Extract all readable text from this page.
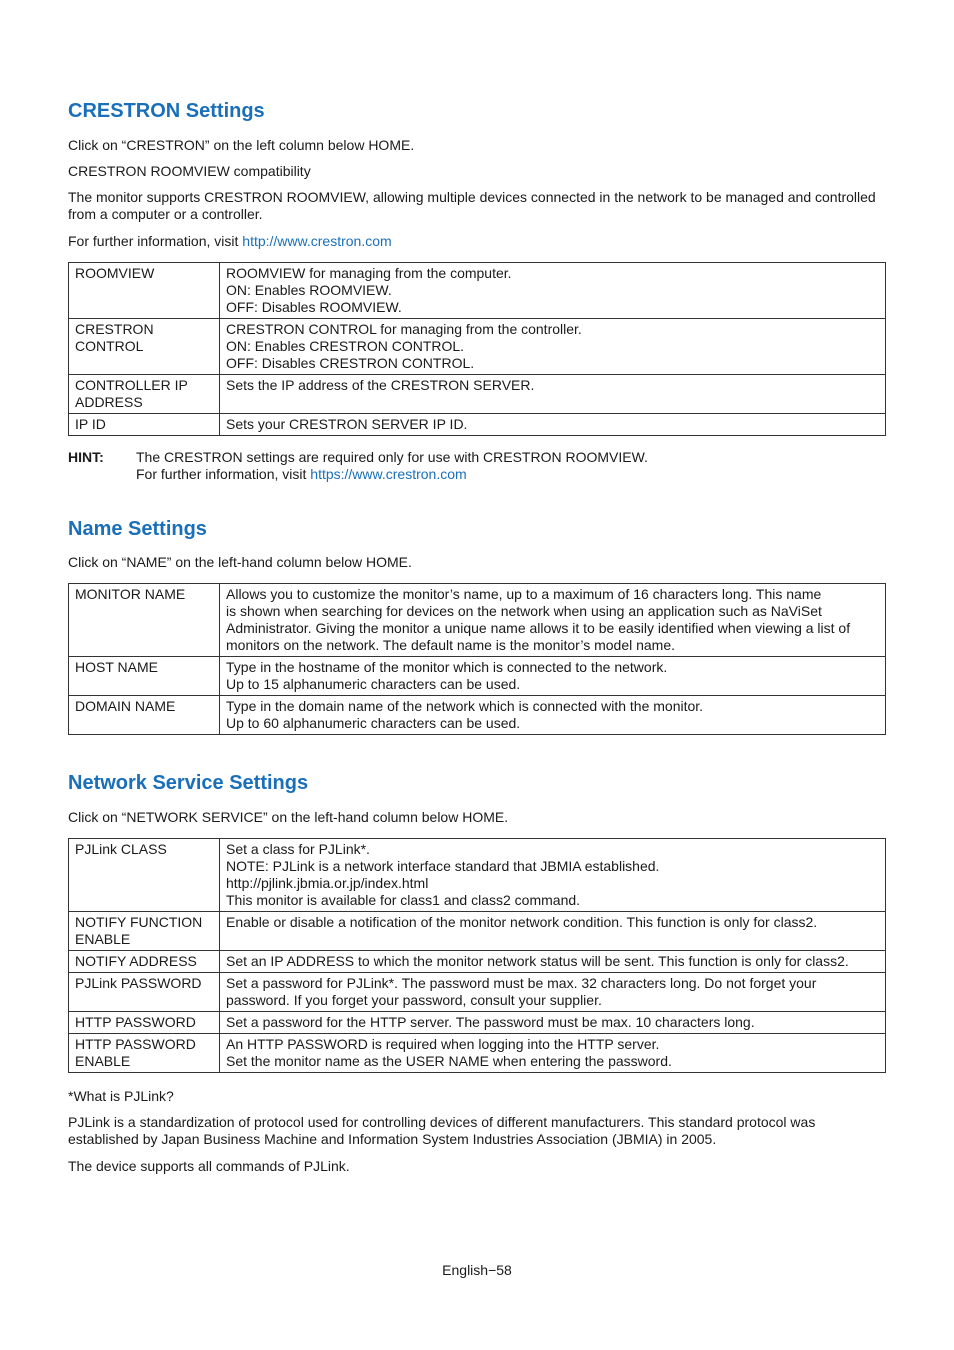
CRESTRON Settings

Click on “CRESTRON” on the left column below HOME.

CRESTRON ROOMVIEW compatibility

The monitor supports CRESTRON ROOMVIEW, allowing multiple devices connected in the network to be managed and controlled from a computer or a controller.

For further information, visit http://www.crestron.com

ROOMVIEW	ROOMVIEW for managing from the computer.
ON: Enables ROOMVIEW.
OFF: Disables ROOMVIEW.

CRESTRON CONTROL	CRESTRON CONTROL for managing from the controller.
ON: Enables CRESTRON CONTROL.
OFF: Disables CRESTRON CONTROL.

CONTROLLER IP ADDRESS	Sets the IP address of the CRESTRON SERVER.

IP ID	Sets your CRESTRON SERVER IP ID.
HINT: The CRESTRON settings are required only for use with CRESTRON ROOMVIEW.
For further information, visit https://www.crestron.com
Name Settings

Click on “NAME” on the left-hand column below HOME.

MONITOR NAME	Allows you to customize the monitor’s name, up to a maximum of 16 characters long. This name
is shown when searching for devices on the network when using an application such as NaViSet
Administrator. Giving the monitor a unique name allows it to be easily identified when viewing a list of
monitors on the network. The default name is the monitor’s model name.

HOST NAME	Type in the hostname of the monitor which is connected to the network.
Up to 15 alphanumeric characters can be used.

DOMAIN NAME	Type in the domain name of the network which is connected with the monitor.
Up to 60 alphanumeric characters can be used.
Network Service Settings

Click on “NETWORK SERVICE” on the left-hand column below HOME.

PJLink CLASS	Set a class for PJLink*.
NOTE: PJLink is a network interface standard that JBMIA established.
http://pjlink.jbmia.or.jp/index.html
This monitor is available for class1 and class2 command.

NOTIFY FUNCTION ENABLE	Enable or disable a notification of the monitor network condition. This function is only for class2.

NOTIFY ADDRESS	Set an IP ADDRESS to which the monitor network status will be sent. This function is only for class2.

PJLink PASSWORD	Set a password for PJLink*. The password must be max. 32 characters long. Do not forget your
password. If you forget your password, consult your supplier.

HTTP PASSWORD	Set a password for the HTTP server. The password must be max. 10 characters long.

HTTP PASSWORD ENABLE	An HTTP PASSWORD is required when logging into the HTTP server.
Set the monitor name as the USER NAME when entering the password.

*What is PJLink?

PJLink is a standardization of protocol used for controlling devices of different manufacturers. This standard protocol was established by Japan Business Machine and Information System Industries Association (JBMIA) in 2005.

The device supports all commands of PJLink.

English−58
